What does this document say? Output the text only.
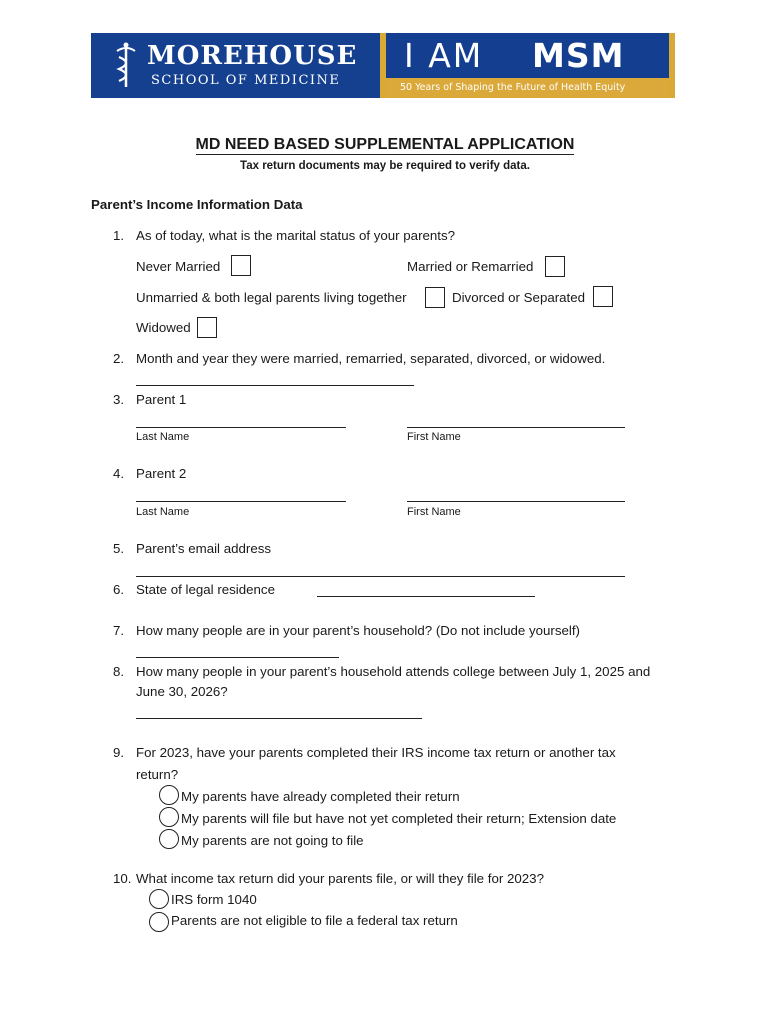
MOREHOUSE
SCHOOL OF MEDICINE
I AM MSM
50 Years of Shaping the Future of Health Equity
MD NEED BASED SUPPLEMENTAL APPLICATION
Tax return documents may be required to verify data.
Parent’s Income Information Data
1. As of today, what is the marital status of your parents?
Never Married	Married or Remarried
Unmarried & both legal parents living together	Divorced or Separated
Widowed
2. Month and year they were married, remarried, separated, divorced, or widowed.
3. Parent 1
Last Name	First Name
4. Parent 2
Last Name	First Name
5. Parent’s email address
6. State of legal residence
7. How many people are in your parent’s household? (Do not include yourself)
8. How many people in your parent’s household attends college between July 1, 2025 and
June 30, 2026?
9. For 2023, have your parents completed their IRS income tax return or another tax
return?
My parents have already completed their return
My parents will file but have not yet completed their return; Extension date
My parents are not going to file
10. What income tax return did your parents file, or will they file for 2023?
IRS form 1040
Parents are not eligible to file a federal tax return
